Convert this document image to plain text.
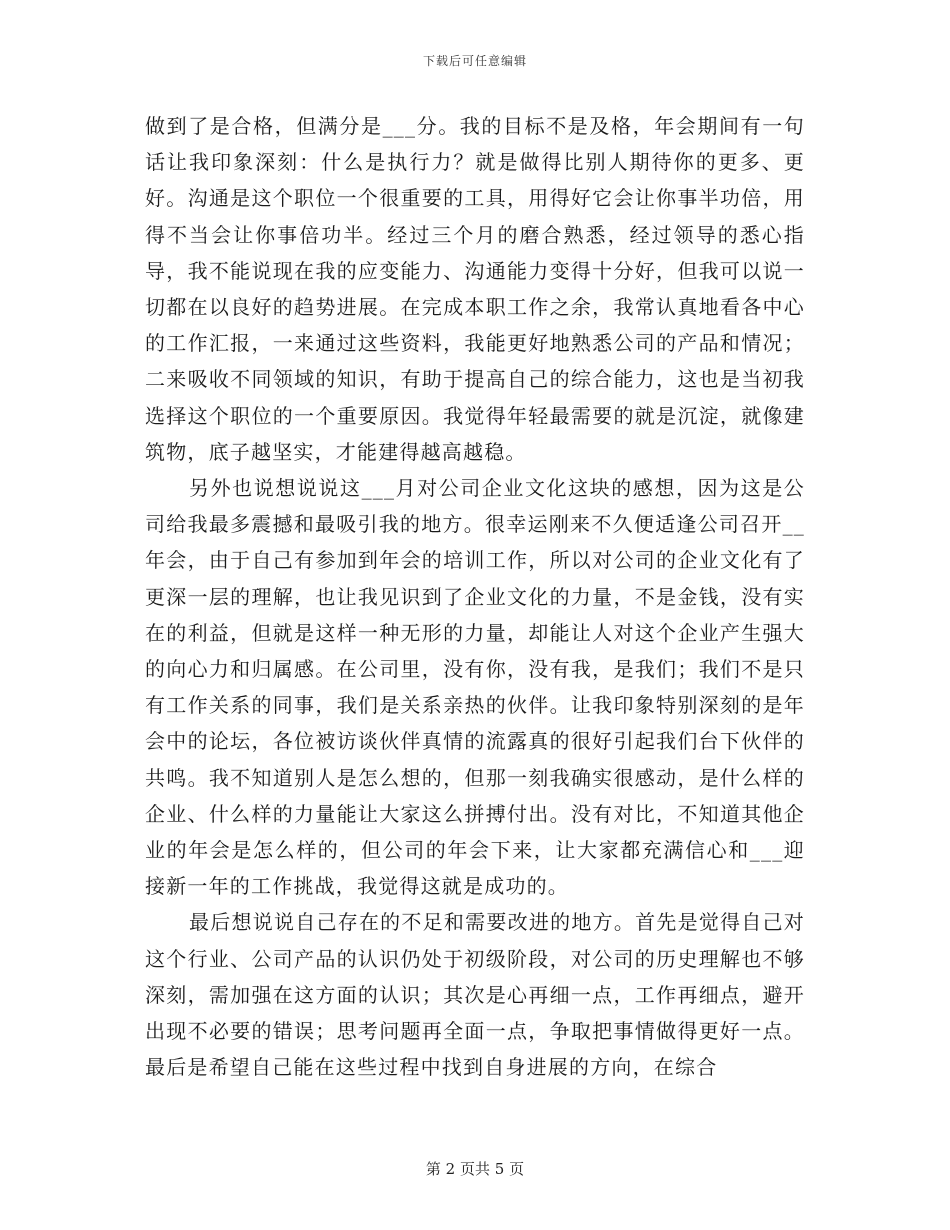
下载后可任意编辑

做到了是合格，但满分是___分。我的目标不是及格，年会期间有一句话让我印象深刻：什么是执行力？就是做得比别人期待你的更多、更好。沟通是这个职位一个很重要的工具，用得好它会让你事半功倍，用得不当会让你事倍功半。经过三个月的磨合熟悉，经过领导的悉心指导，我不能说现在我的应变能力、沟通能力变得十分好，但我可以说一切都在以良好的趋势进展。在完成本职工作之余，我常认真地看各中心的工作汇报，一来通过这些资料，我能更好地熟悉公司的产品和情况；二来吸收不同领域的知识，有助于提高自己的综合能力，这也是当初我选择这个职位的一个重要原因。我觉得年轻最需要的就是沉淀，就像建筑物，底子越坚实，才能建得越高越稳。

另外也说想说说这___月对公司企业文化这块的感想，因为这是公司给我最多震撼和最吸引我的地方。很幸运刚来不久便适逢公司召开__年会，由于自己有参加到年会的培训工作，所以对公司的企业文化有了更深一层的理解，也让我见识到了企业文化的力量，不是金钱，没有实在的利益，但就是这样一种无形的力量，却能让人对这个企业产生强大的向心力和归属感。在公司里，没有你，没有我，是我们；我们不是只有工作关系的同事，我们是关系亲热的伙伴。让我印象特别深刻的是年会中的论坛，各位被访谈伙伴真情的流露真的很好引起我们台下伙伴的共鸣。我不知道别人是怎么想的，但那一刻我确实很感动，是什么样的企业、什么样的力量能让大家这么拼搏付出。没有对比，不知道其他企业的年会是怎么样的，但公司的年会下来，让大家都充满信心和___迎接新一年的工作挑战，我觉得这就是成功的。

最后想说说自己存在的不足和需要改进的地方。首先是觉得自己对这个行业、公司产品的认识仍处于初级阶段，对公司的历史理解也不够深刻，需加强在这方面的认识；其次是心再细一点，工作再细点，避开出现不必要的错误；思考问题再全面一点，争取把事情做得更好一点。最后是希望自己能在这些过程中找到自身进展的方向，在综合

第 2 页共 5 页
